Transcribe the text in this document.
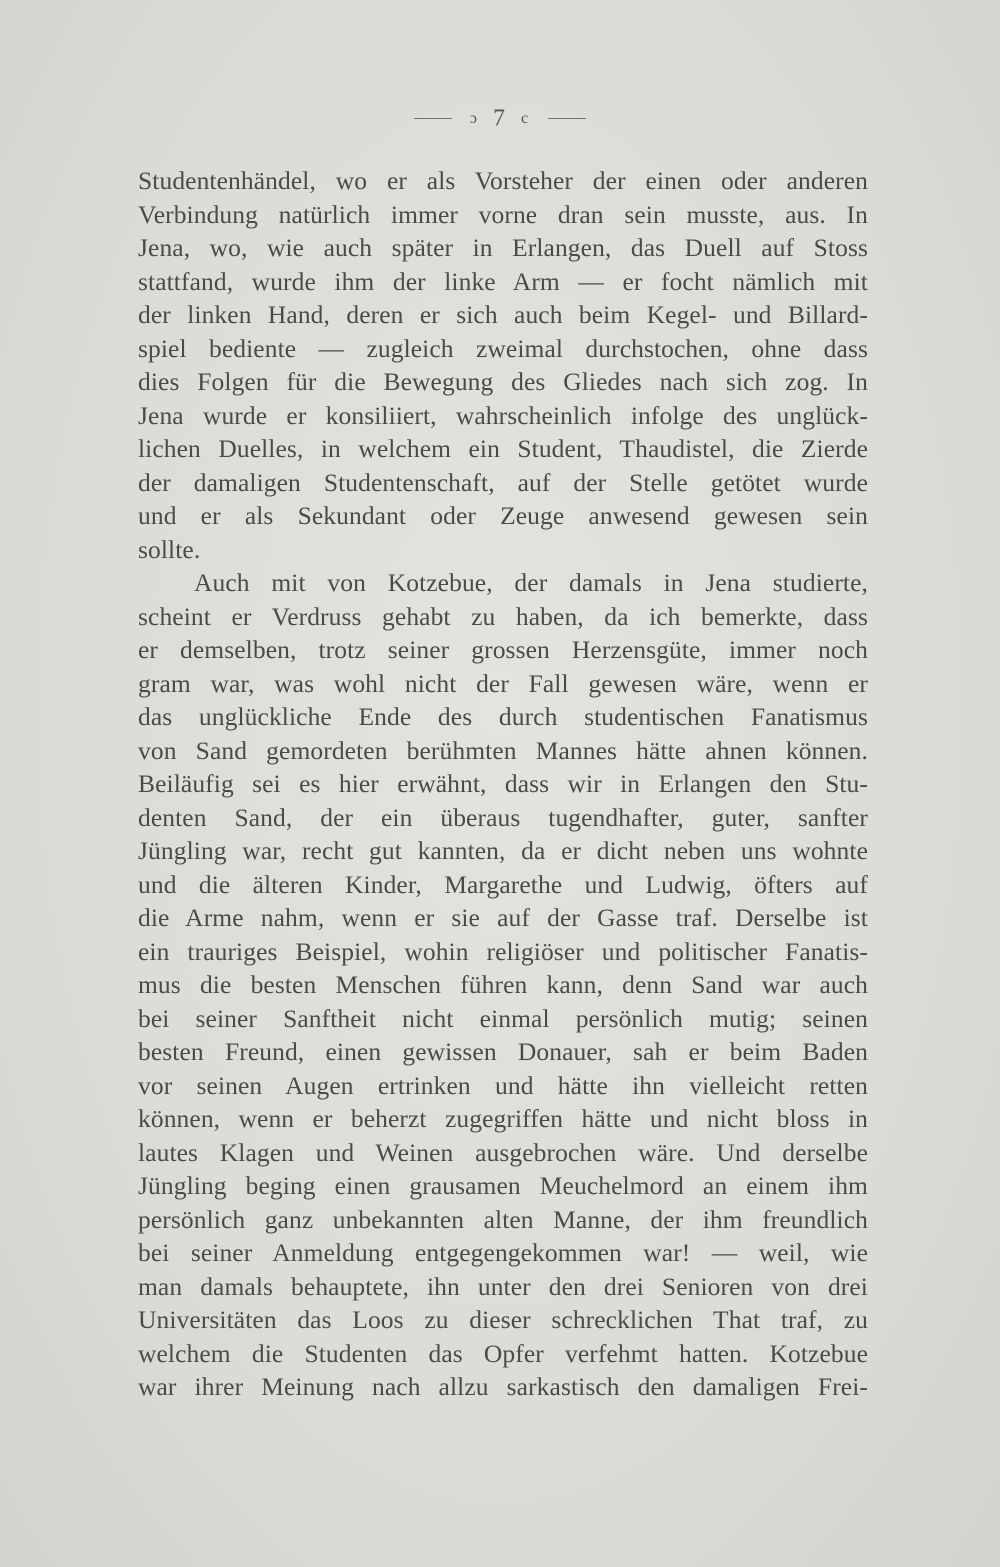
ɔ 7 c
Studentenhändel, wo er als Vorsteher der einen oder anderen
Verbindung natürlich immer vorne dran sein musste, aus. In
Jena, wo, wie auch später in Erlangen, das Duell auf Stoss
stattfand, wurde ihm der linke Arm — er focht nämlich mit
der linken Hand, deren er sich auch beim Kegel- und Billard-
spiel bediente — zugleich zweimal durchstochen, ohne dass
dies Folgen für die Bewegung des Gliedes nach sich zog. In
Jena wurde er konsiliiert, wahrscheinlich infolge des unglück-
lichen Duelles, in welchem ein Student, Thaudistel, die Zierde
der damaligen Studentenschaft, auf der Stelle getötet wurde
und er als Sekundant oder Zeuge anwesend gewesen sein
sollte.
Auch mit von Kotzebue, der damals in Jena studierte,
scheint er Verdruss gehabt zu haben, da ich bemerkte, dass
er demselben, trotz seiner grossen Herzensgüte, immer noch
gram war, was wohl nicht der Fall gewesen wäre, wenn er
das unglückliche Ende des durch studentischen Fanatismus
von Sand gemordeten berühmten Mannes hätte ahnen können.
Beiläufig sei es hier erwähnt, dass wir in Erlangen den Stu-
denten Sand, der ein überaus tugendhafter, guter, sanfter
Jüngling war, recht gut kannten, da er dicht neben uns wohnte
und die älteren Kinder, Margarethe und Ludwig, öfters auf
die Arme nahm, wenn er sie auf der Gasse traf. Derselbe ist
ein trauriges Beispiel, wohin religiöser und politischer Fanatis-
mus die besten Menschen führen kann, denn Sand war auch
bei seiner Sanftheit nicht einmal persönlich mutig; seinen
besten Freund, einen gewissen Donauer, sah er beim Baden
vor seinen Augen ertrinken und hätte ihn vielleicht retten
können, wenn er beherzt zugegriffen hätte und nicht bloss in
lautes Klagen und Weinen ausgebrochen wäre. Und derselbe
Jüngling beging einen grausamen Meuchelmord an einem ihm
persönlich ganz unbekannten alten Manne, der ihm freundlich
bei seiner Anmeldung entgegengekommen war! — weil, wie
man damals behauptete, ihn unter den drei Senioren von drei
Universitäten das Loos zu dieser schrecklichen That traf, zu
welchem die Studenten das Opfer verfehmt hatten. Kotzebue
war ihrer Meinung nach allzu sarkastisch den damaligen Frei-
